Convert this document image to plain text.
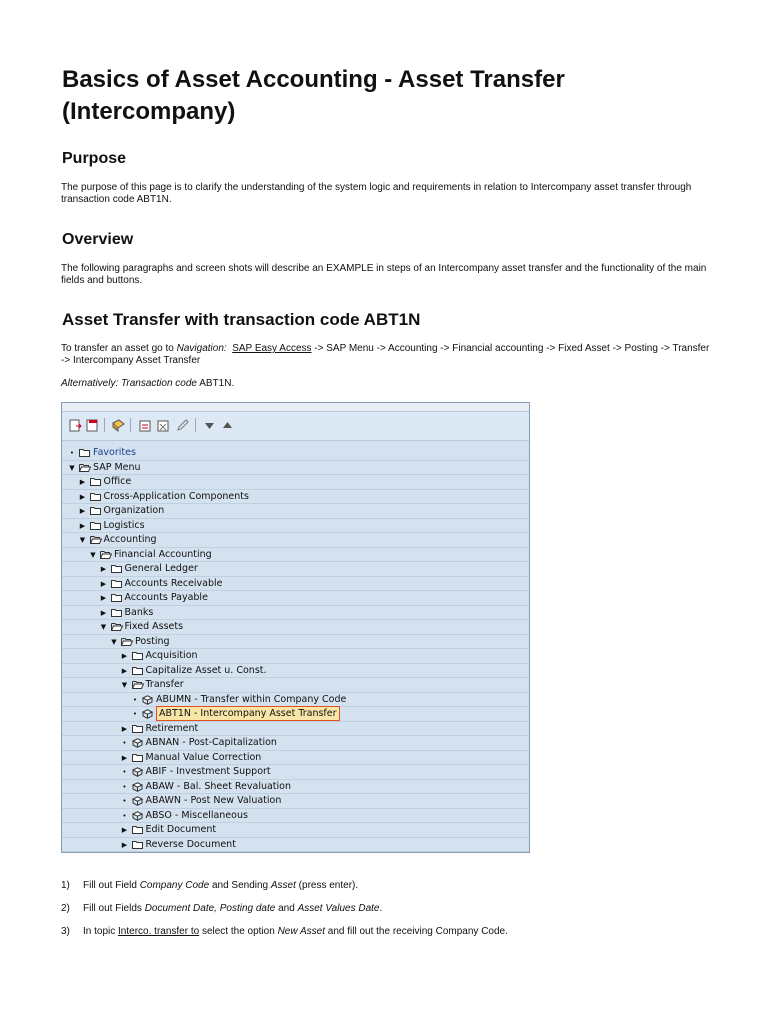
Basics of Asset Accounting - Asset Transfer (Intercompany)
Purpose

The purpose of this page is to clarify the understanding of the system logic and requirements in relation to Intercompany asset transfer through transaction code ABT1N.

Overview

The following paragraphs and screen shots will describe an EXAMPLE in steps of an Intercompany asset transfer and the functionality of the main fields and buttons.

Asset Transfer with transaction code ABT1N

To transfer an asset go to Navigation: SAP Easy Access -> SAP Menu -> Accounting -> Financial accounting -> Fixed Asset -> Posting -> Transfer -> Intercompany Asset Transfer

Alternatively: Transaction code ABT1N.

• Favorites
▼ SAP Menu
▶ Office
▶ Cross-Application Components
▶ Organization
▶ Logistics
▼ Accounting
▼ Financial Accounting
▶ General Ledger
▶ Accounts Receivable
▶ Accounts Payable
▶ Banks
▼ Fixed Assets
▼ Posting
▶ Acquisition
▶ Capitalize Asset u. Const.
▼ Transfer
• ABUMN - Transfer within Company Code
•	ABT1N - Intercompany Asset Transfer
▶ Retirement
• ABNAN - Post-Capitalization
▶ Manual Value Correction
• ABIF - Investment Support
• ABAW - Bal. Sheet Revaluation
• ABAWN - Post New Valuation
• ABSO - Miscellaneous
▶ Edit Document
▶ Reverse Document
1) Fill out Field Company Code and Sending Asset (press enter).
2) Fill out Fields Document Date, Posting date and Asset Values Date.
3) In topic Interco. transfer to select the option New Asset and fill out the receiving Company Code.
